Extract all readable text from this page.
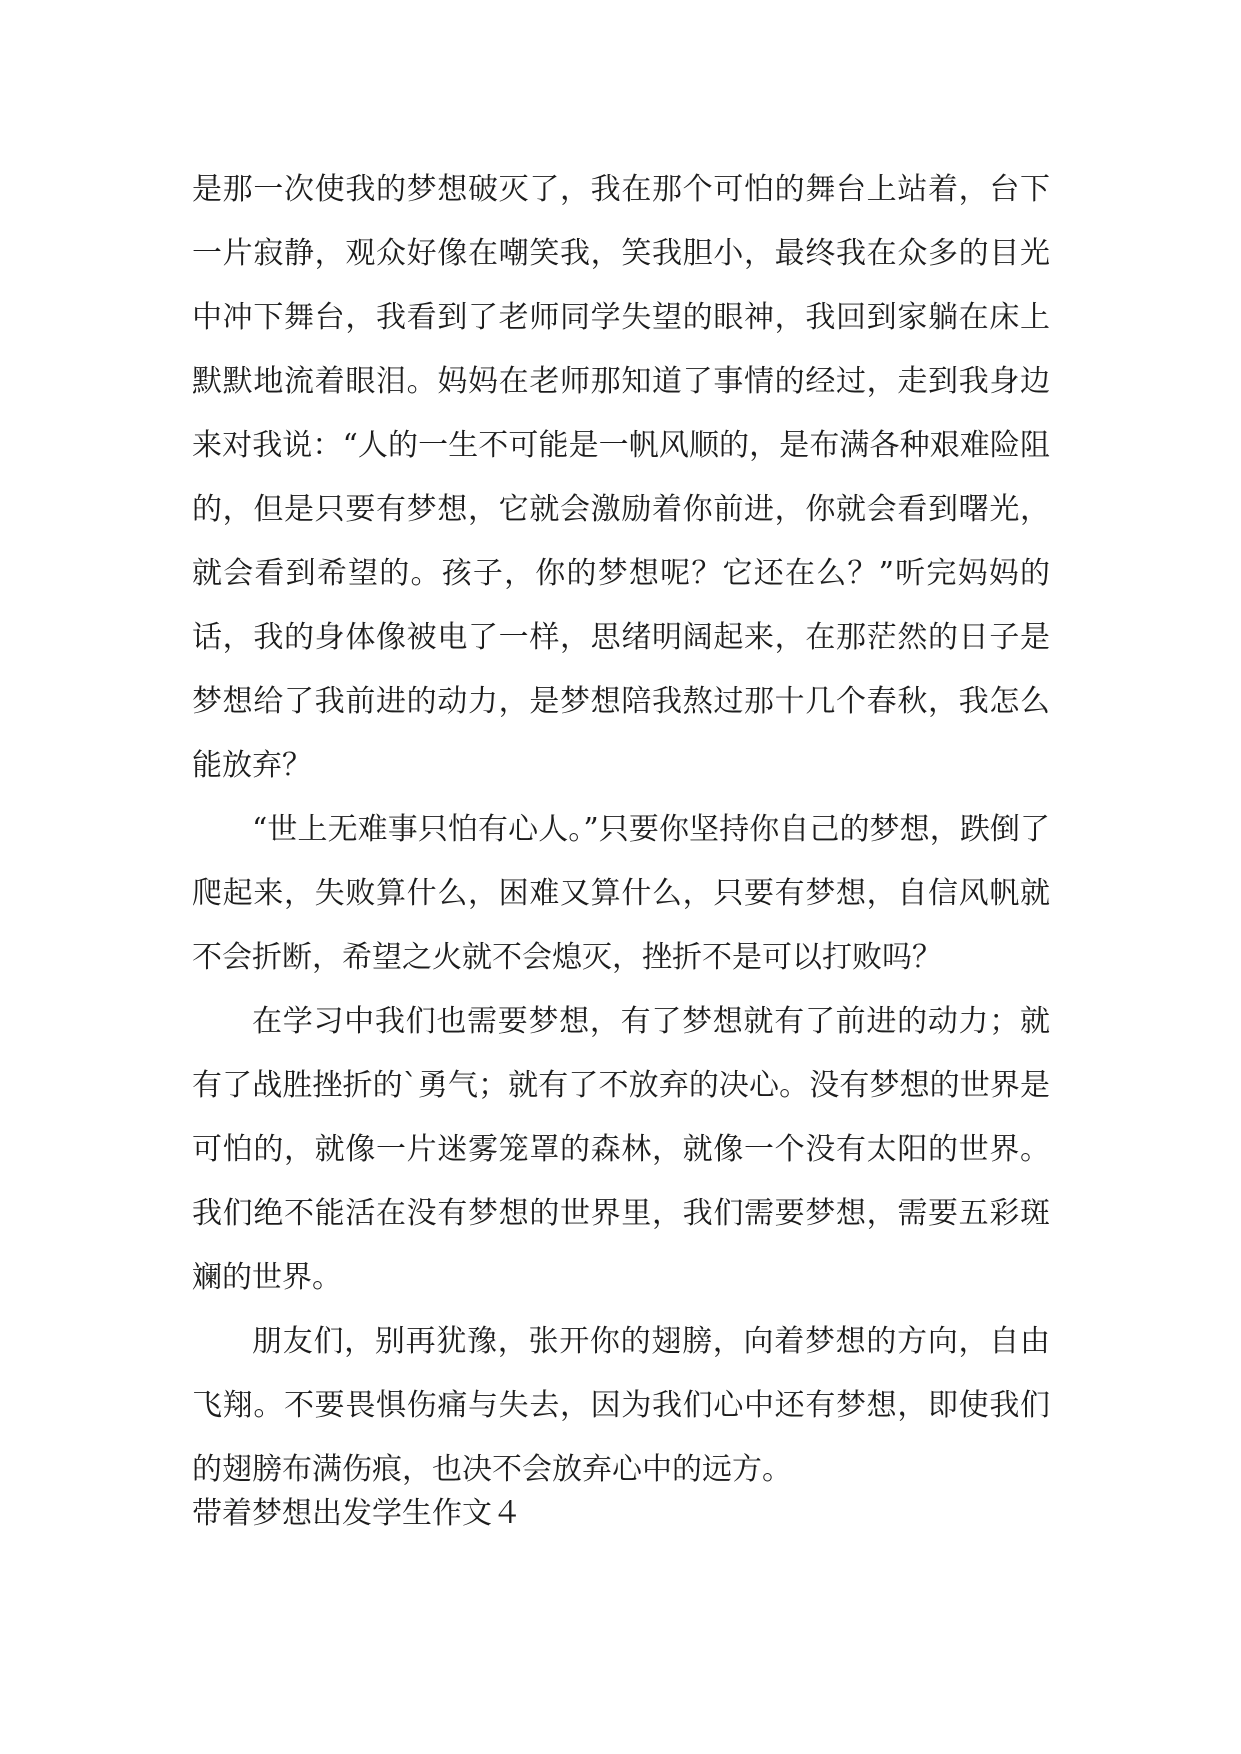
是那一次使我的梦想破灭了，我在那个可怕的舞台上站着，台下一片寂静，观众好像在嘲笑我，笑我胆小，最终我在众多的目光中冲下舞台，我看到了老师同学失望的眼神，我回到家躺在床上默默地流着眼泪。妈妈在老师那知道了事情的经过，走到我身边来对我说：“人的一生不可能是一帆风顺的，是布满各种艰难险阻的，但是只要有梦想，它就会激励着你前进，你就会看到曙光，就会看到希望的。孩子，你的梦想呢？它还在么？”听完妈妈的话，我的身体像被电了一样，思绪明阔起来，在那茫然的日子是梦想给了我前进的动力，是梦想陪我熬过那十几个春秋，我怎么能放弃？

“世上无难事只怕有心人。”只要你坚持你自己的梦想，跌倒了爬起来，失败算什么，困难又算什么，只要有梦想，自信风帆就不会折断，希望之火就不会熄灭，挫折不是可以打败吗？

在学习中我们也需要梦想，有了梦想就有了前进的动力；就有了战胜挫折的`勇气；就有了不放弃的决心。没有梦想的世界是可怕的，就像一片迷雾笼罩的森林，就像一个没有太阳的世界。我们绝不能活在没有梦想的世界里，我们需要梦想，需要五彩斑斓的世界。

朋友们，别再犹豫，张开你的翅膀，向着梦想的方向，自由飞翔。不要畏惧伤痛与失去，因为我们心中还有梦想，即使我们的翅膀布满伤痕，也决不会放弃心中的远方。

带着梦想出发学生作文４
